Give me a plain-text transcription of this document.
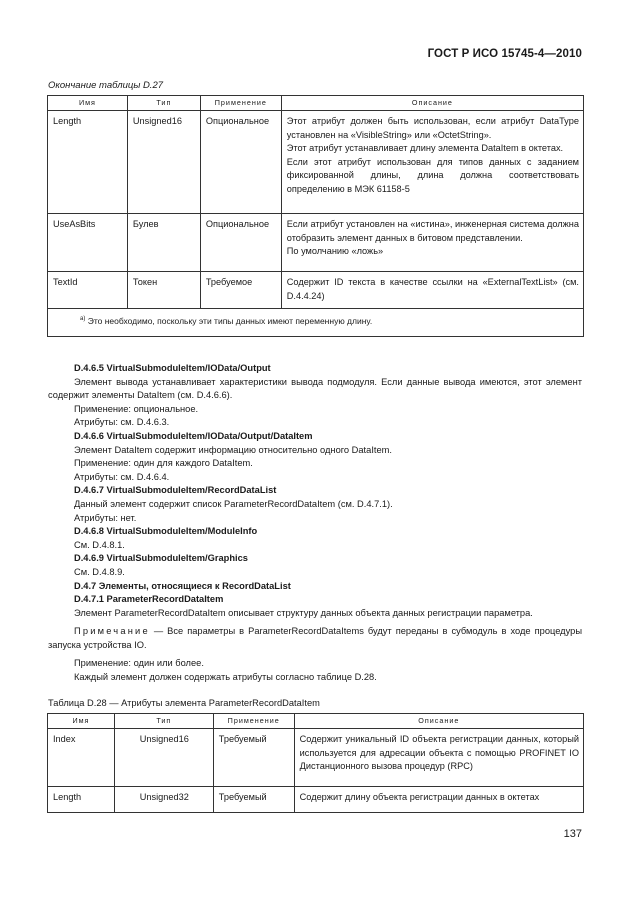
ГОСТ Р ИСО 15745-4—2010
Окончание таблицы D.27
Имя	Тип	Применение	Описание

Length	Unsigned16	Опциональное	Этот атрибут должен быть использован, если атрибут DataType установлен на «VisibleString» или «OctetString».
Этот атрибут устанавливает длину элемента DataItem в октетах.
Если этот атрибут использован для типов данных с заданием фиксированной длины, длина должна соответствовать определению в МЭК 61158-5

UseAsBits	Булев	Опциональное	Если атрибут установлен на «истина», инженерная система должна отобразить элемент данных в битовом представлении.
По умолчанию «ложь»

TextId	Токен	Требуемое	Содержит ID текста в качестве ссылки на «ExternalTextList» (см. D.4.4.24)

$^{a)}$ Это необходимо, поскольку эти типы данных имеют переменную длину.			

D.4.6.5 VirtualSubmoduleItem/IOData/Output

Элемент вывода устанавливает характеристики вывода подмодуля. Если данные вывода имеются, этот элемент содержит элементы DataItem (см. D.4.6.6).

Применение: опциональное.

Атрибуты: см. D.4.6.3.

D.4.6.6 VirtualSubmoduleItem/IOData/Output/DataItem

Элемент DataItem содержит информацию относительно одного DataItem.

Применение: один для каждого DataItem.

Атрибуты: см. D.4.6.4.

D.4.6.7 VirtualSubmoduleItem/RecordDataList

Данный элемент содержит список ParameterRecordDataItem (см. D.4.7.1).

Атрибуты: нет.

D.4.6.8 VirtualSubmoduleItem/ModuleInfo

См. D.4.8.1.

D.4.6.9 VirtualSubmoduleItem/Graphics

См. D.4.8.9.

D.4.7 Элементы, относящиеся к RecordDataList

D.4.7.1 ParameterRecordDataItem

Элемент ParameterRecordDataItem описывает структуру данных объекта данных регистрации параметра.

Примечание — Все параметры в ParameterRecordDataItems будут переданы в субмодуль в ходе процедуры запуска устройства IO.

Применение: один или более.

Каждый элемент должен содержать атрибуты согласно таблице D.28.

Таблица D.28 — Атрибуты элемента ParameterRecordDataItem
Имя	Тип	Применение	Описание

Index	Unsigned16	Требуемый	Содержит уникальный ID объекта регистрации данных, который используется для адресации объекта с помощью PROFINET IO Дистанционного вызова процедур (RPC)

Length	Unsigned32	Требуемый	Содержит длину объекта регистрации данных в октетах
137
